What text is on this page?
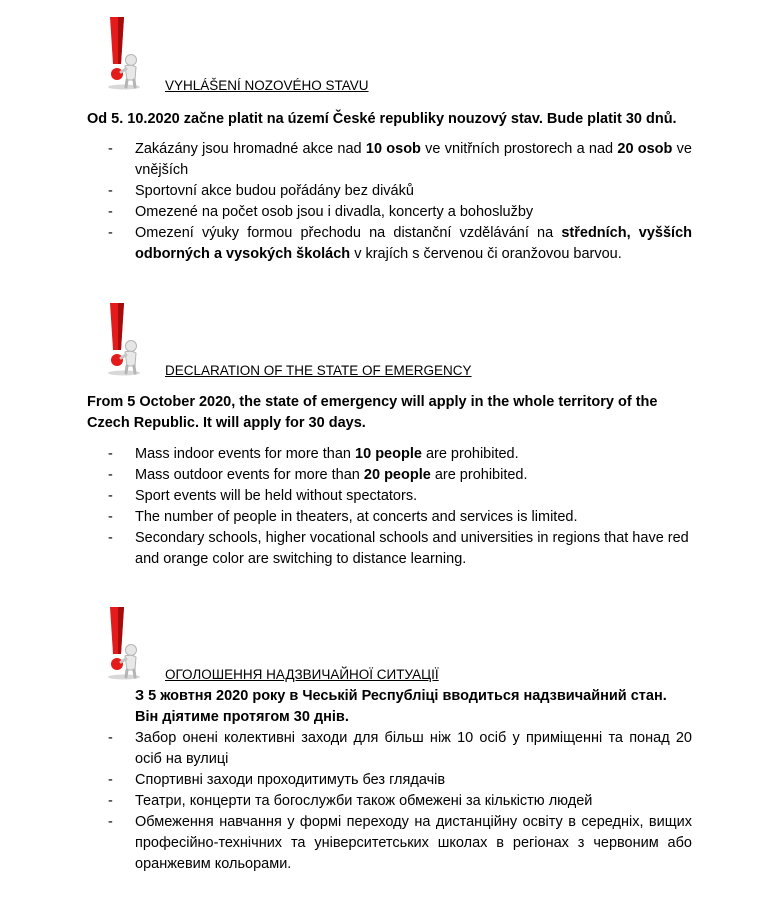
VYHLÁŠENÍ NOZOVÉHO STAVU
Od 5. 10.2020 začne platit na území České republiky nouzový stav. Bude platit 30 dnů.
- Zakázány jsou hromadné akce nad 10 osob ve vnitřních prostorech a nad 20 osob ve vnějších
- Sportovní akce budou pořádány bez diváků
- Omezené na počet osob jsou i divadla, koncerty a bohoslužby
- Omezení výuky formou přechodu na distanční vzdělávání na středních, vyšších odborných a vysokých školách v krajích s červenou či oranžovou barvou.
DECLARATION OF THE STATE OF EMERGENCY
From 5 October 2020, the state of emergency will apply in the whole territory of the Czech Republic. It will apply for 30 days.
- Mass indoor events for more than 10 people are prohibited.
- Mass outdoor events for more than 20 people are prohibited.
- Sport events will be held without spectators.
- The number of people in theaters, at concerts and services is limited.
- Secondary schools, higher vocational schools and universities in regions that have red and orange color are switching to distance learning.
ОГОЛОШЕННЯ НАДЗВИЧАЙНОЇ СИТУАЦІЇ
З 5 жовтня 2020 року в Чеській Республіці вводиться надзвичайний стан.   Він діятиме протягом 30 днів.
- Забор онені колективні заходи для більш ніж 10 осіб у приміщенні та понад 20 осіб на вулиці
- Спортивні заходи проходитимуть без глядачів
- Театри, концерти та богослужби також обмежені за кількістю людей
- Обмеження навчання у формі переходу на дистанційну освіту в середніх, вищих професійно-технічних та університетських школах в регіонах з червоним або оранжевим кольорами.
